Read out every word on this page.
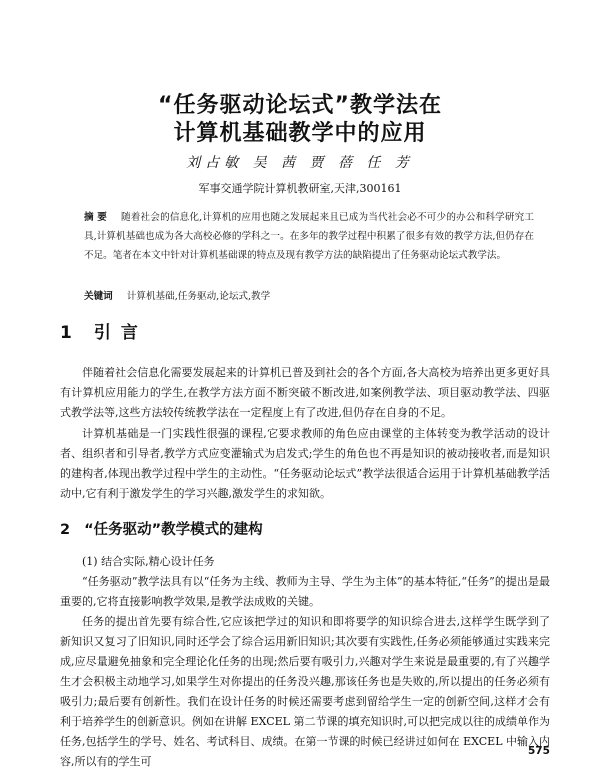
“任务驱动论坛式”教学法在
计算机基础教学中的应用
刘占敏 吴 茜 贾 蓓 任 芳
军事交通学院计算机教研室,天津,300161

摘 要 随着社会的信息化,计算机的应用也随之发展起来且已成为当代社会必不可少的办公和科学研究工具,计算机基础也成为各大高校必修的学科之一。在多年的教学过程中积累了很多有效的教学方法,但仍存在不足。笔者在本文中针对计算机基础课的特点及现有教学方法的缺陷提出了任务驱动论坛式教学法。

关键词 计算机基础,任务驱动,论坛式,教学

1 引言

伴随着社会信息化需要发展起来的计算机已普及到社会的各个方面,各大高校为培养出更多更好具有计算机应用能力的学生,在教学方法方面不断突破不断改进,如案例教学法、项目驱动教学法、四驱式教学法等,这些方法较传统教学法在一定程度上有了改进,但仍存在自身的不足。

计算机基础是一门实践性很强的课程,它要求教师的角色应由课堂的主体转变为教学活动的设计者、组织者和引导者,教学方式应变灌输式为启发式;学生的角色也不再是知识的被动接收者,而是知识的建构者,体现出教学过程中学生的主动性。“任务驱动论坛式”教学法很适合运用于计算机基础教学活动中,它有利于激发学生的学习兴趣,激发学生的求知欲。

2 “任务驱动”教学模式的建构

(1) 结合实际,精心设计任务

“任务驱动”教学法具有以“任务为主线、教师为主导、学生为主体”的基本特征,“任务”的提出是最重要的,它将直接影响教学效果,是教学法成败的关键。

任务的提出首先要有综合性,它应该把学过的知识和即将要学的知识综合进去,这样学生既学到了新知识又复习了旧知识,同时还学会了综合运用新旧知识;其次要有实践性,任务必须能够通过实践来完成,应尽量避免抽象和完全理论化任务的出现;然后要有吸引力,兴趣对学生来说是最重要的,有了兴趣学生才会积极主动地学习,如果学生对你提出的任务没兴趣,那该任务也是失败的,所以提出的任务必须有吸引力;最后要有创新性。我们在设计任务的时候还需要考虑到留给学生一定的创新空间,这样才会有利于培养学生的创新意识。例如在讲解 EXCEL 第二节课的填充知识时,可以把完成以往的成绩单作为任务,包括学生的学号、姓名、考试科目、成绩。在第一节课的时候已经讲过如何在 EXCEL 中输入内容,所以有的学生可

575
